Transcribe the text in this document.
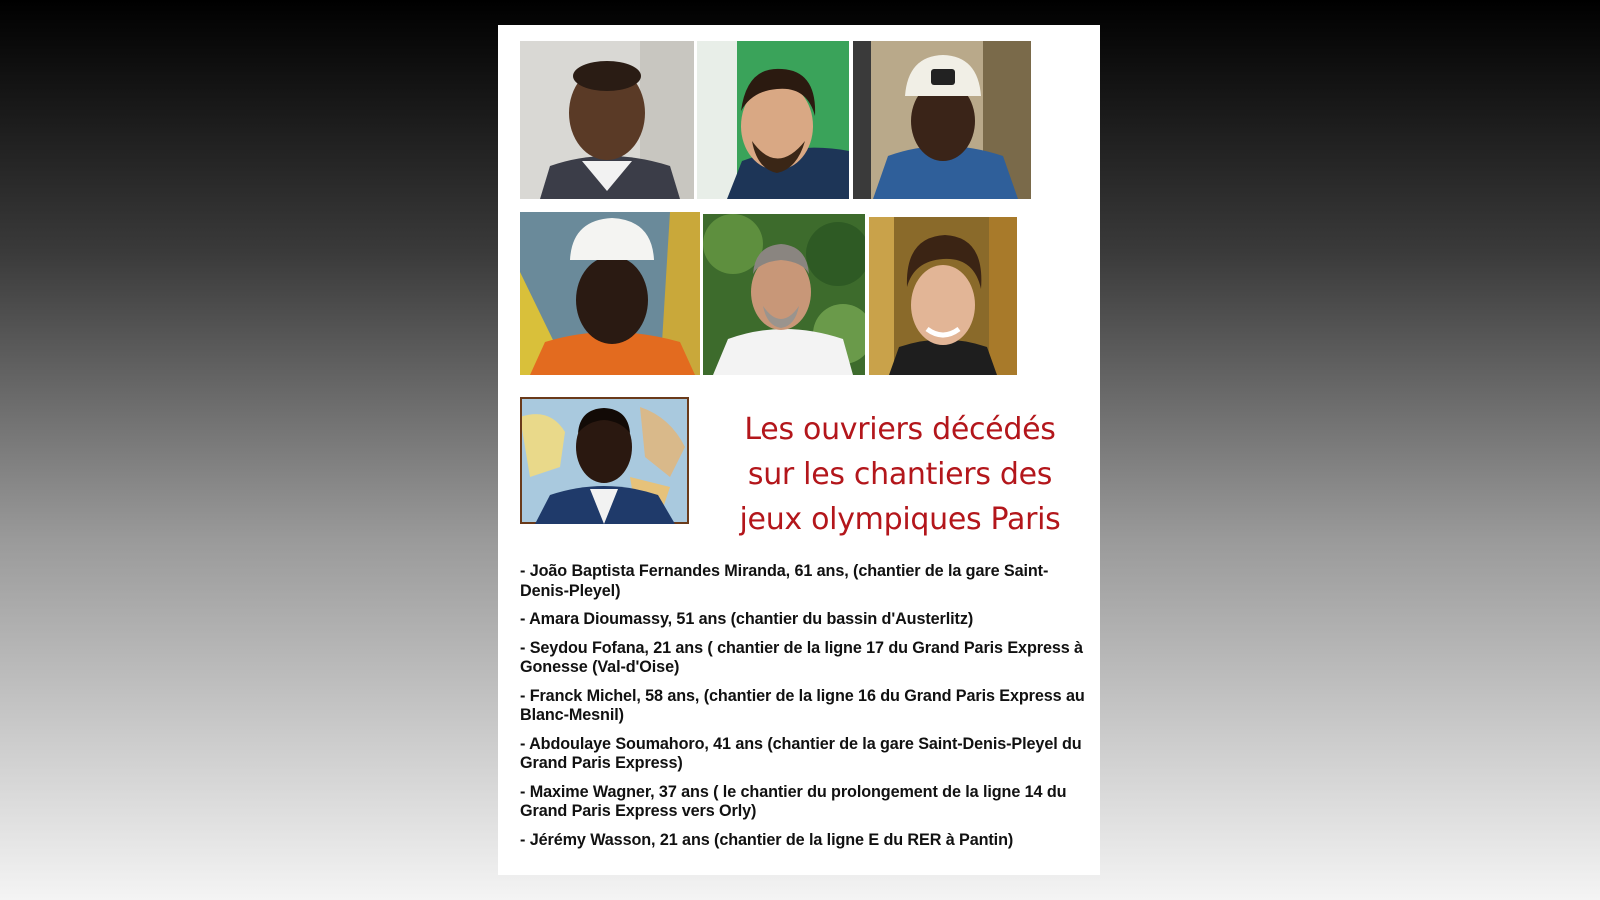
Les ouvriers décédés
sur les chantiers des
jeux olympiques Paris
- João Baptista Fernandes Miranda, 61 ans, (chantier de la gare Saint-Denis-Pleyel)
- Amara Dioumassy, 51 ans (chantier du bassin d'Austerlitz)
- Seydou Fofana, 21 ans ( chantier de la ligne 17 du Grand Paris Express à Gonesse (Val-d'Oise)
- Franck Michel, 58 ans, (chantier de la ligne 16 du Grand Paris Express au Blanc-Mesnil)
- Abdoulaye Soumahoro, 41 ans (chantier de la gare Saint-Denis-Pleyel du Grand Paris Express)
- Maxime Wagner, 37 ans ( le chantier du prolongement de la ligne 14 du Grand Paris Express vers Orly)
- Jérémy Wasson, 21 ans (chantier de la ligne E du RER à Pantin)
